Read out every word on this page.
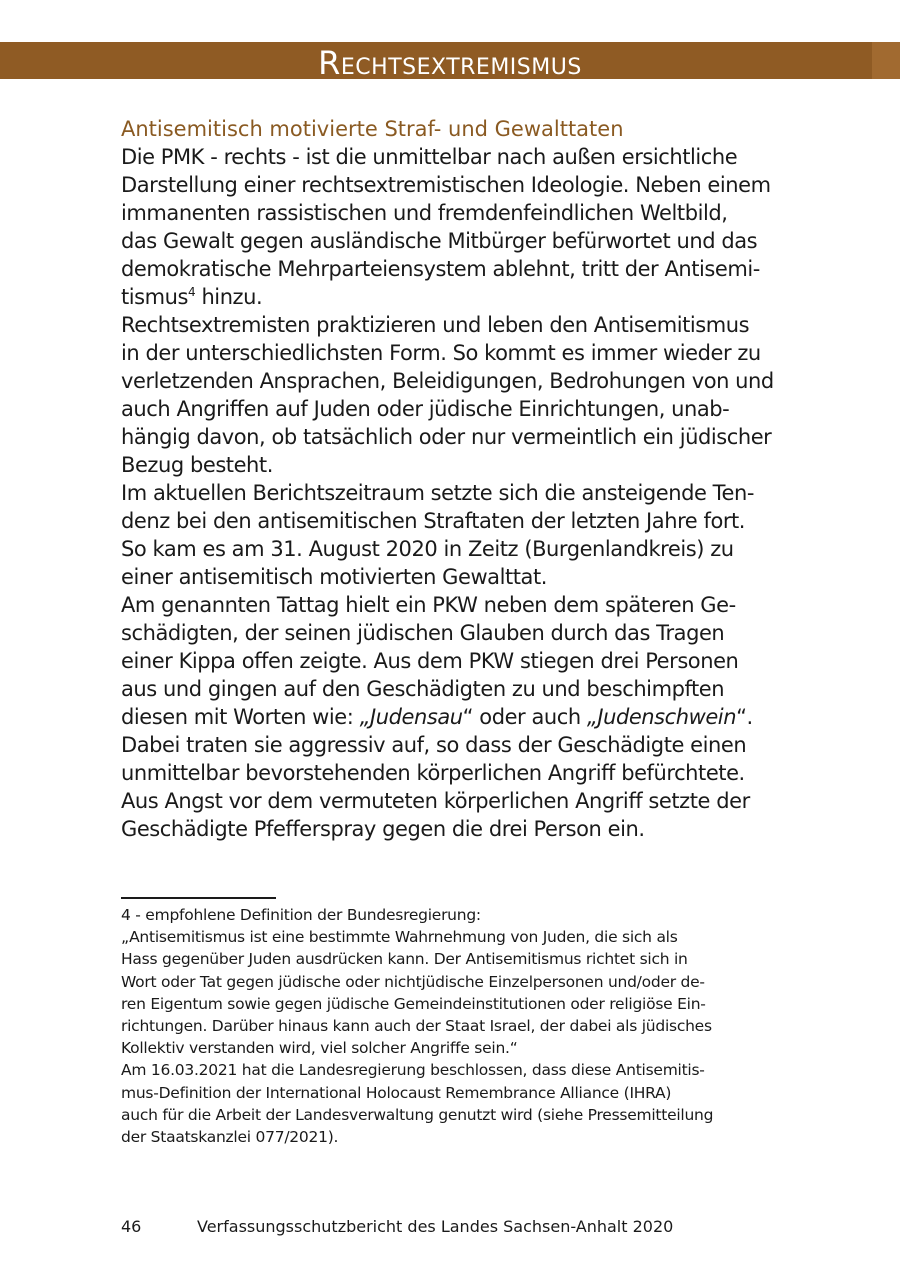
Rechtsextremismus
Antisemitisch motivierte Straf- und Gewalttaten

Die PMK - rechts - ist die unmittelbar nach außen ersichtliche
Darstellung einer rechtsextremistischen Ideologie. Neben einem
immanenten rassistischen und fremdenfeindlichen Weltbild,
das Gewalt gegen ausländische Mitbürger befürwortet und das
demokratische Mehrparteiensystem ablehnt, tritt der Antisemi-
tismus$^4$ hinzu.

Rechtsextremisten praktizieren und leben den Antisemitismus
in der unterschiedlichsten Form. So kommt es immer wieder zu
verletzenden Ansprachen, Beleidigungen, Bedrohungen von und
auch Angriffen auf Juden oder jüdische Einrichtungen, unab-
hängig davon, ob tatsächlich oder nur vermeintlich ein jüdischer
Bezug besteht.

Im aktuellen Berichtszeitraum setzte sich die ansteigende Ten-
denz bei den antisemitischen Straftaten der letzten Jahre fort.
So kam es am 31. August 2020 in Zeitz (Burgenlandkreis) zu
einer antisemitisch motivierten Gewalttat.

Am genannten Tattag hielt ein PKW neben dem späteren Ge-
schädigten, der seinen jüdischen Glauben durch das Tragen
einer Kippa offen zeigte. Aus dem PKW stiegen drei Personen
aus und gingen auf den Geschädigten zu und beschimpften
diesen mit Worten wie: „Judensau“ oder auch „Judenschwein“.
Dabei traten sie aggressiv auf, so dass der Geschädigte einen
unmittelbar bevorstehenden körperlichen Angriff befürchtete.
Aus Angst vor dem vermuteten körperlichen Angriff setzte der
Geschädigte Pfefferspray gegen die drei Person ein.

4 - empfohlene Definition der Bundesregierung:
„Antisemitismus ist eine bestimmte Wahrnehmung von Juden, die sich als
Hass gegenüber Juden ausdrücken kann. Der Antisemitismus richtet sich in
Wort oder Tat gegen jüdische oder nichtjüdische Einzelpersonen und/oder de-
ren Eigentum sowie gegen jüdische Gemeindeinstitutionen oder religiöse Ein-
richtungen. Darüber hinaus kann auch der Staat Israel, der dabei als jüdisches
Kollektiv verstanden wird, viel solcher Angriffe sein.“
Am 16.03.2021 hat die Landesregierung beschlossen, dass diese Antisemitis-
mus-Definition der International Holocaust Remembrance Alliance (IHRA)
auch für die Arbeit der Landesverwaltung genutzt wird (siehe Pressemitteilung
der Staatskanzlei 077/2021).

46	Verfassungsschutzbericht des Landes Sachsen-Anhalt 2020
